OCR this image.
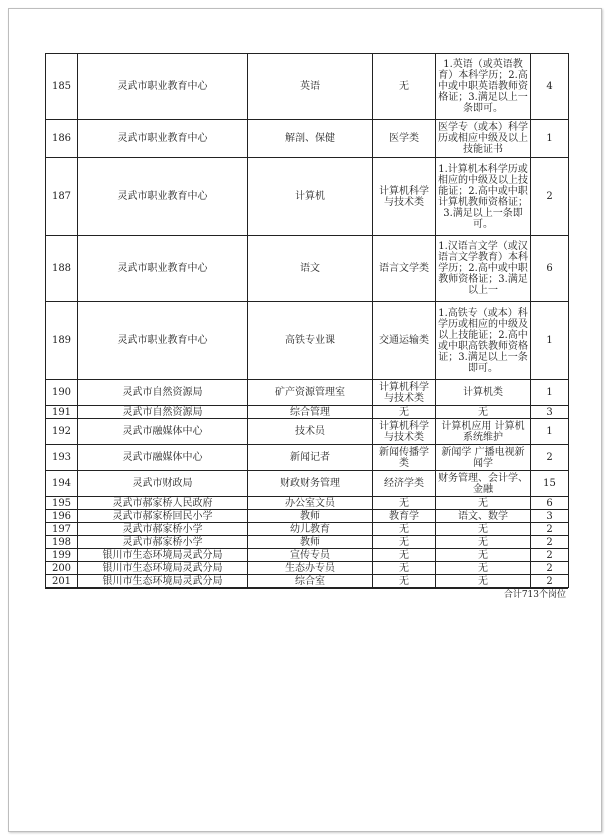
185	灵武市职业教育中心	英语	无	1.英语（或英语教育）本科学历；2.高中或中职英语教师资格证；3.满足以上一条即可。	4
186	灵武市职业教育中心	解剖、保健	医学类	医学专（或本）科学历或相应中级及以上技能证书	1
187	灵武市职业教育中心	计算机	计算机科学与技术类	1.计算机本科学历或相应的中级及以上技能证；2.高中或中职计算机教师资格证；3.满足以上一条即可。	2
188	灵武市职业教育中心	语文	语言文学类	1.汉语言文学（或汉语言文学教育）本科学历；2.高中或中职教师资格证；3.满足以上一	6
189	灵武市职业教育中心	高铁专业课	交通运输类	1.高铁专（或本）科学历或相应的中级及以上技能证；2.高中或中职高铁教师资格证；3.满足以上一条即可。	1
190	灵武市自然资源局	矿产资源管理室	计算机科学与技术类	计算机类	1
191	灵武市自然资源局	综合管理	无	无	3
192	灵武市融媒体中心	技术员	计算机科学与技术类	计算机应用 计算机系统维护	1
193	灵武市融媒体中心	新闻记者	新闻传播学类	新闻学 广播电视新闻学	2
194	灵武市财政局	财政财务管理	经济学类	财务管理、会计学、金融	15
195	灵武市郝家桥人民政府	办公室文员	无	无	6
196	灵武市郝家桥回民小学	教师	教育学	语文、数学	3
197	灵武市郝家桥小学	幼儿教育	无	无	2
198	灵武市郝家桥小学	教师	无	无	2
199	银川市生态环境局灵武分局	宣传专员	无	无	2
200	银川市生态环境局灵武分局	生态办专员	无	无	2
201	银川市生态环境局灵武分局	综合室	无	无	2
合计713个岗位
